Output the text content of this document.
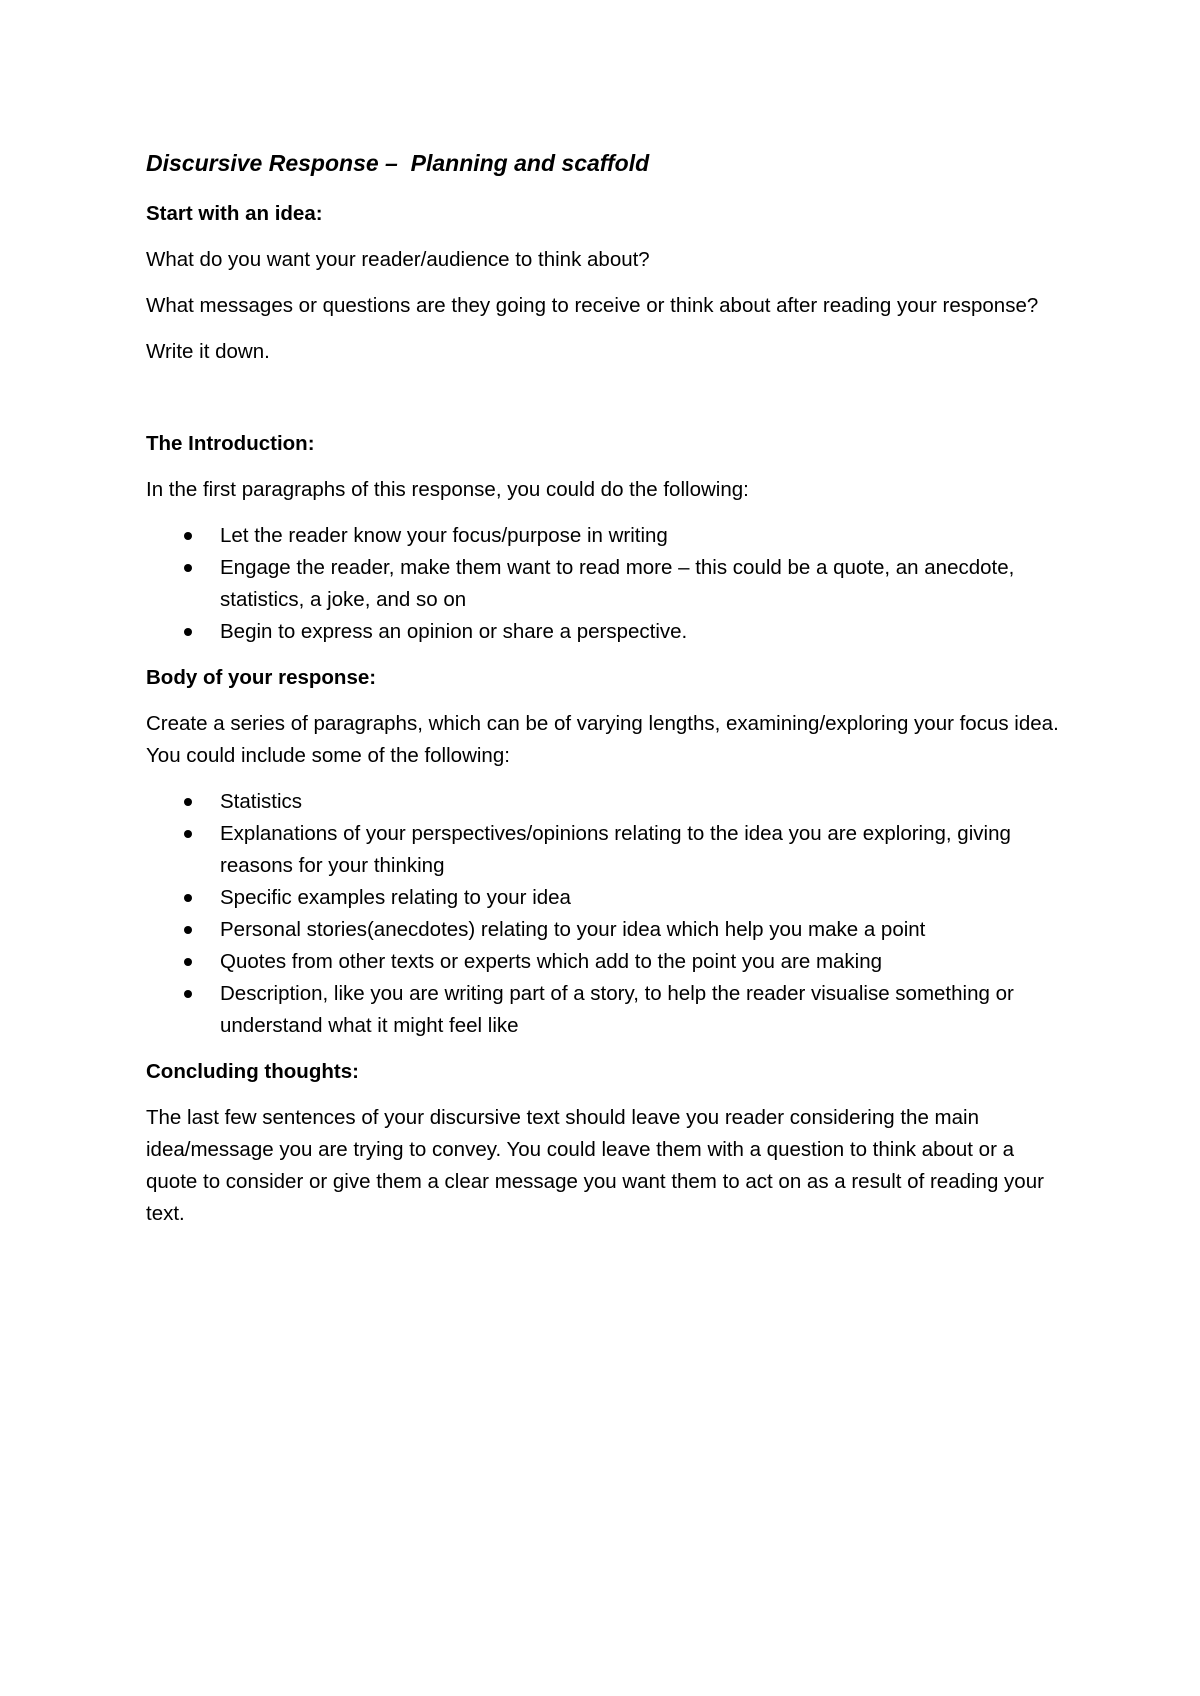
Discursive Response –  Planning and scaffold
Start with an idea:

What do you want your reader/audience to think about?

What messages or questions are they going to receive or think about after reading your response?

Write it down.

The Introduction:

In the first paragraphs of this response, you could do the following:

Let the reader know your focus/purpose in writing
Engage the reader, make them want to read more – this could be a quote, an anecdote, statistics, a joke, and so on
Begin to express an opinion or share a perspective.
Body of your response:

Create a series of paragraphs, which can be of varying lengths, examining/exploring your focus idea. You could include some of the following:

Statistics
Explanations of your perspectives/opinions relating to the idea you are exploring, giving reasons for your thinking
Specific examples relating to your idea
Personal stories(anecdotes) relating to your idea which help you make a point
Quotes from other texts or experts which add to the point you are making
Description, like you are writing part of a story, to help the reader visualise something or understand what it might feel like
Concluding thoughts:

The last few sentences of your discursive text should leave you reader considering the main idea/message you are trying to convey. You could leave them with a question to think about or a quote to consider or give them a clear message you want them to act on as a result of reading your text.
